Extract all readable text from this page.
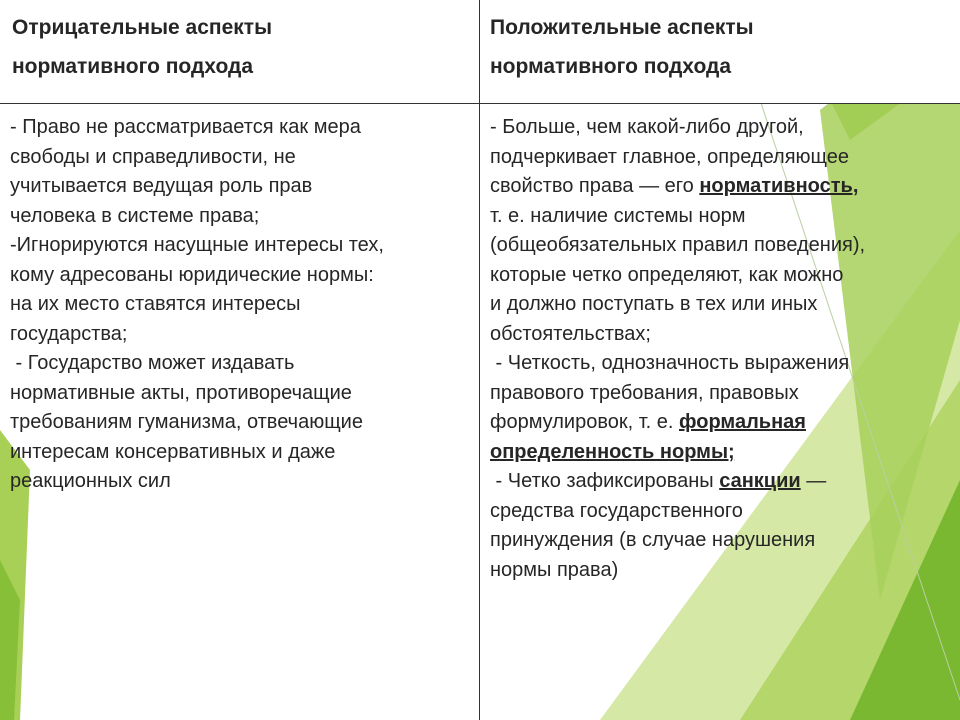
Отрицательные аспекты
нормативного подхода
Положительные аспекты
нормативного подхода
- Право не рассматривается как мера
свободы и справедливости, не
учитывается ведущая роль прав
человека в системе права;
-Игнорируются насущные интересы тех,
кому адресованы юридические нормы:
на их место ставятся интересы
государства;
- Государство может издавать
нормативные акты, противоречащие
требованиям гуманизма, отвечающие
интересам консервативных и даже
реакционных сил
- Больше, чем какой-либо другой,
подчеркивает главное, определяющее
свойство права — его нормативность,
т. е. наличие системы норм
(общеобязательных правил поведения),
которые четко определяют, как можно
и должно поступать в тех или иных
обстоятельствах;
- Четкость, однозначность выражения
правового требования, правовых
формулировок, т. е. формальная
определенность нормы;
- Четко зафиксированы санкции —
средства государственного
принуждения (в случае нарушения
нормы права)
